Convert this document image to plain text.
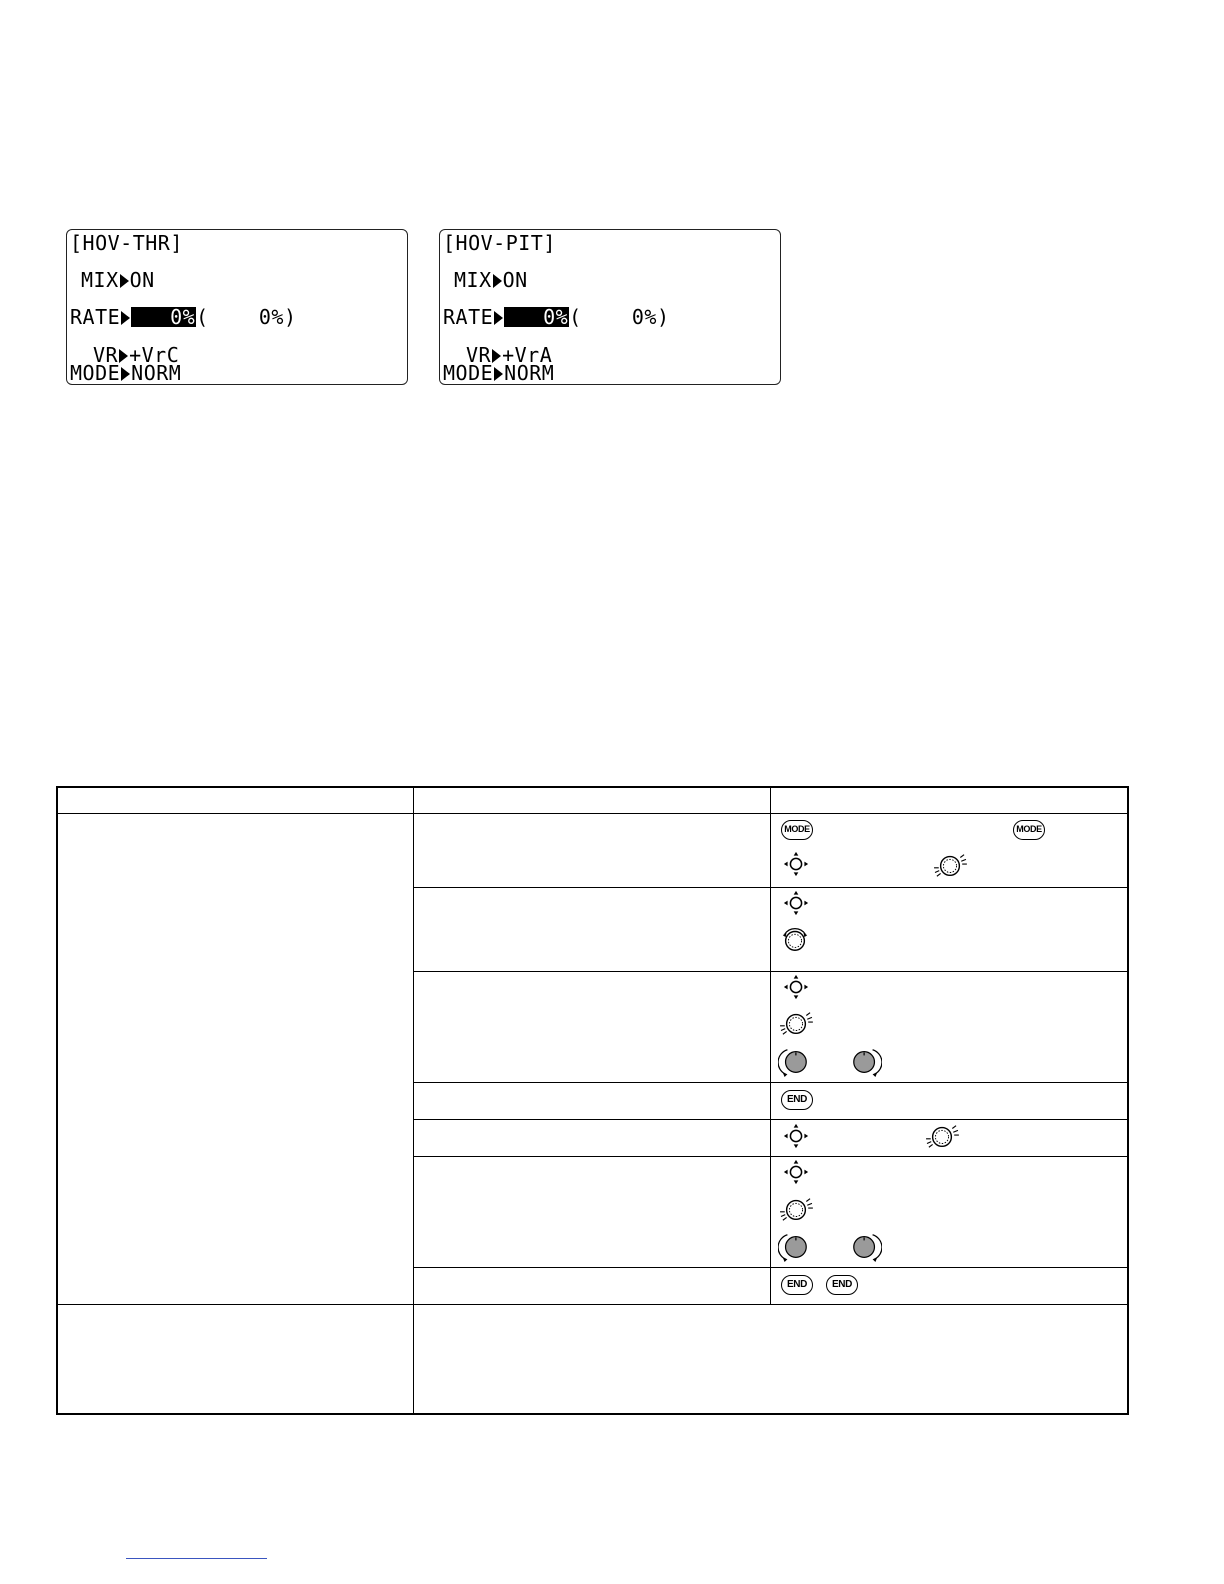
[HOV-THR]
MIX ON
RATE 0%(    0%)
VR +VrC
MODE NORM
[HOV-PIT]
MIX ON
RATE 0%(    0%)
VR +VrA
MODE NORM
MODE	MODE
END
END	END
